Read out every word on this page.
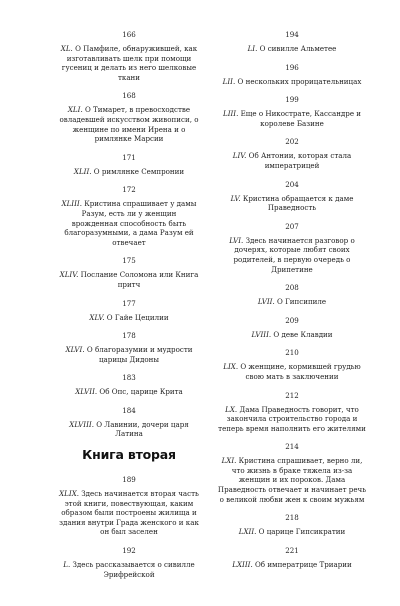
166
XL. О Памфиле, обнаружившей, как изготавливать шелк при помощи гусениц и делать из него шелковые ткани
168
XLI. О Тимарет, в превосходстве овладевшей искусством живописи, о женщине по имени Ирена и о римлянке Марсии
171
XLII. О римлянке Семпронии
172
XLIII. Кристина спрашивает у дамы Разум, есть ли у женщин врожденная способность быть благоразумными, а дама Разум ей отвечает
175
XLIV. Послание Соломона или Книга притч
177
XLV. О Гайе Цецилии
178
XLVI. О благоразумии и мудрости царицы Дидоны
183
XLVII. Об Опс, царице Крита
184
XLVIII. О Лавинии, дочери царя Латина
Книга вторая
189
XLIX. Здесь начинается вторая часть этой книги, повествующая, каким образом были построены жилища и здания внутри Града женского и как он был заселен
192
L. Здесь рассказывается о сивилле Эрифрейской
194
LI. О сивилле Альметее
196
LII. О нескольких прорицательницах
199
LIII. Еще о Никострате, Кассандре и королеве Базине
202
LIV. Об Антонии, которая стала императрицей
204
LV. Кристина обращается к даме Праведность
207
LVI. Здесь начинается разговор о дочерях, которые любят своих родителей, в первую очередь о Дрипетине
208
LVII. О Гипсипиле
209
LVIII. О деве Клавдии
210
LIX. О женщине, кормившей грудью свою мать в заключении
212
LX. Дама Праведность говорит, что закончила строительство города и теперь время наполнить его жителями
214
LXI. Кристина спрашивает, верно ли, что жизнь в браке тяжела из-за женщин и их пороков. Дама Праведность отвечает и начинает речь о великой любви жен к своим мужьям
218
LXII. О царице Гипсикратии
221
LXIII. Об императрице Триарии
